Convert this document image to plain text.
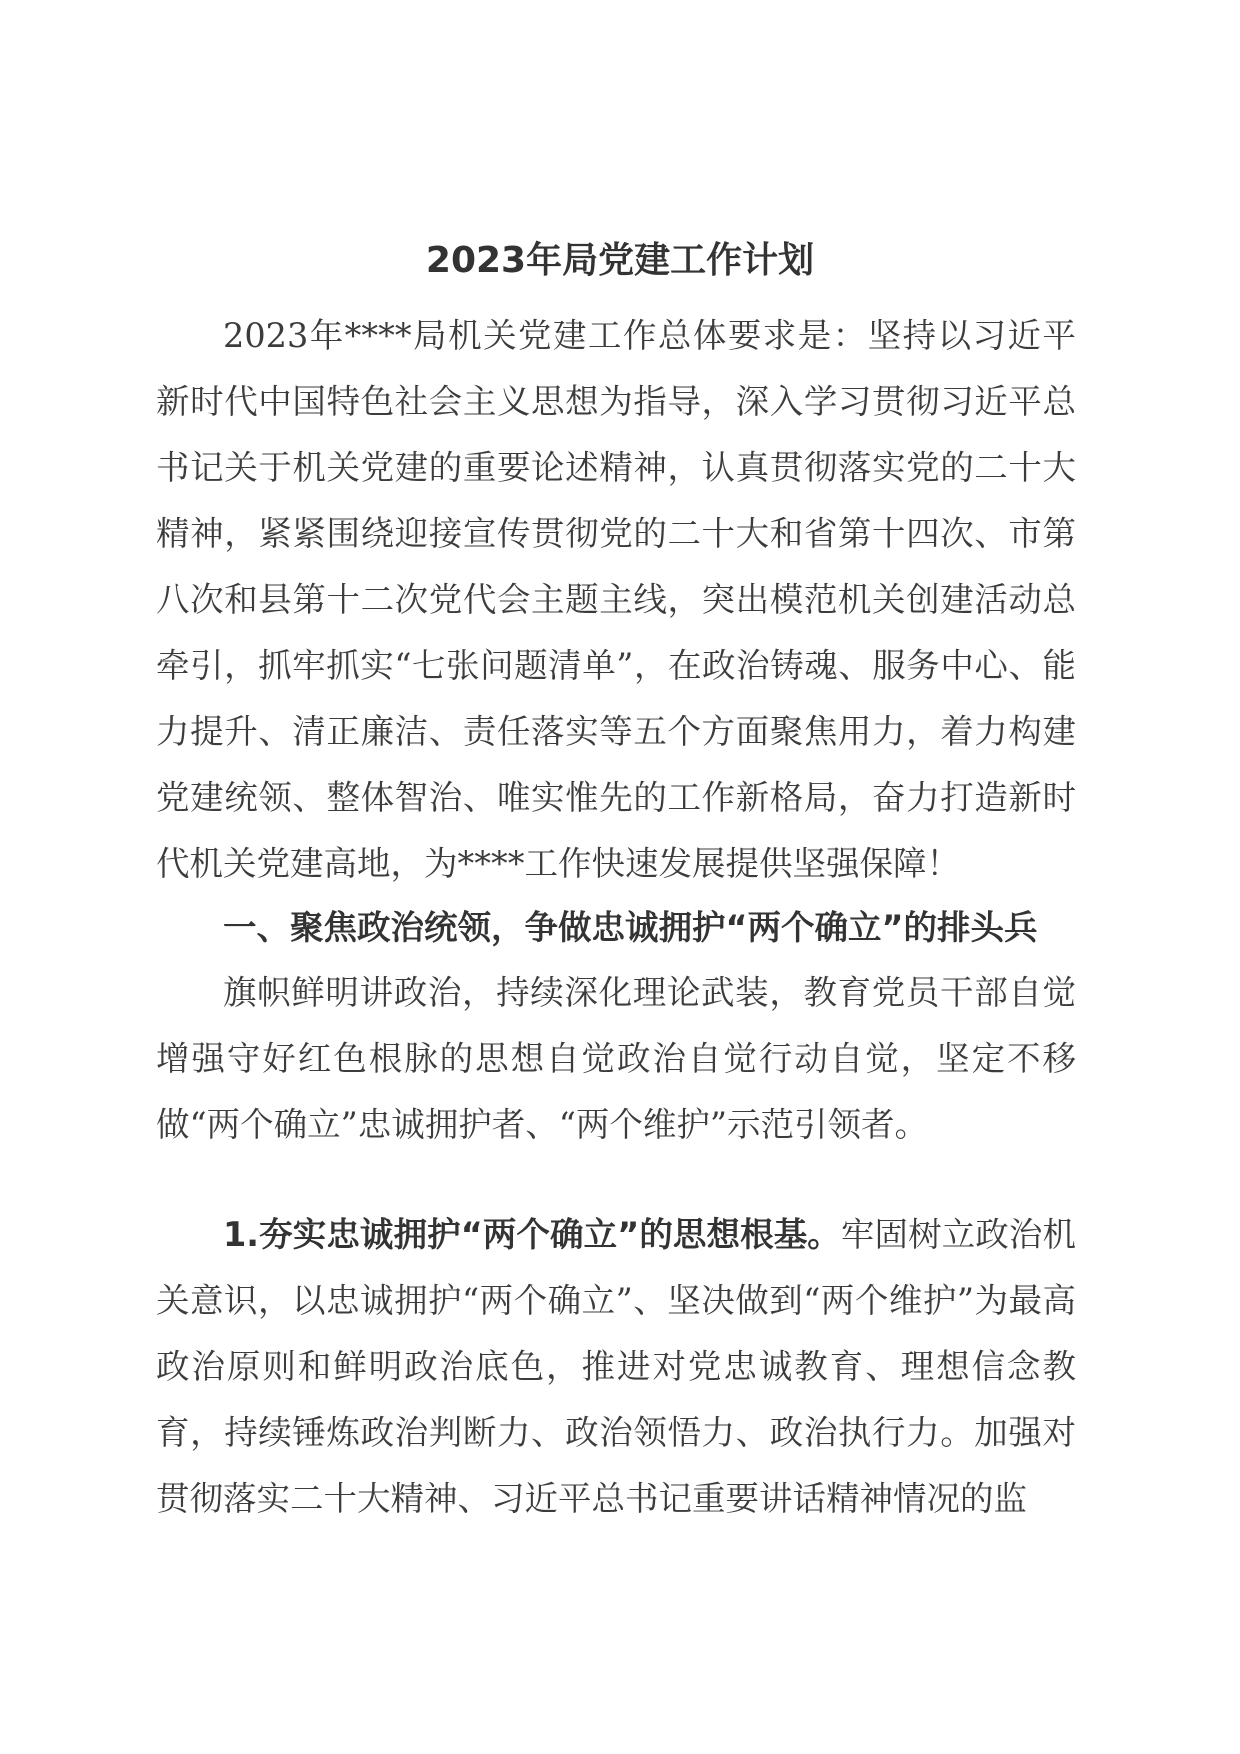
2023年局党建工作计划

2023年****局机关党建工作总体要求是：坚持以习近平新时代中国特色社会主义思想为指导，深入学习贯彻习近平总书记关于机关党建的重要论述精神，认真贯彻落实党的二十大精神，紧紧围绕迎接宣传贯彻党的二十大和省第十四次、市第八次和县第十二次党代会主题主线，突出模范机关创建活动总牵引，抓牢抓实“七张问题清单”，在政治铸魂、服务中心、能力提升、清正廉洁、责任落实等五个方面聚焦用力，着力构建党建统领、整体智治、唯实惟先的工作新格局，奋力打造新时代机关党建高地，为****工作快速发展提供坚强保障！

一、聚焦政治统领，争做忠诚拥护“两个确立”的排头兵

旗帜鲜明讲政治，持续深化理论武装，教育党员干部自觉增强守好红色根脉的思想自觉政治自觉行动自觉，坚定不移做“两个确立”忠诚拥护者、“两个维护”示范引领者。

1.夯实忠诚拥护“两个确立”的思想根基。牢固树立政治机关意识，以忠诚拥护“两个确立”、坚决做到“两个维护”为最高政治原则和鲜明政治底色，推进对党忠诚教育、理想信念教育，持续锤炼政治判断力、政治领悟力、政治执行力。加强对贯彻落实二十大精神、习近平总书记重要讲话精神情况的监
